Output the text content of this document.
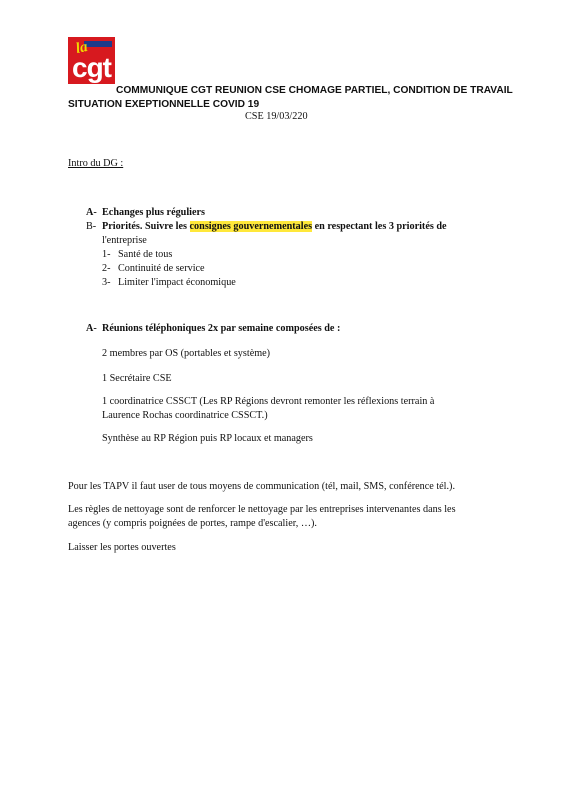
la
cgt
COMMUNIQUE CGT REUNION CSE CHOMAGE PARTIEL, CONDITION DE TRAVAIL
SITUATION EXEPTIONNELLE COVID 19
CSE 19/03/220
Intro du DG :
A- Echanges plus réguliers
B- Priorités. Suivre les consignes gouvernementales en respectant les 3 priorités de
l'entreprise
1- Santé de tous
2- Continuité de service
3- Limiter l'impact économique
A- Réunions téléphoniques 2x par semaine composées de :
2 membres par OS (portables et système)
1 Secrétaire CSE
1 coordinatrice CSSCT (Les RP Régions devront remonter les réflexions terrain à
Laurence Rochas coordinatrice CSSCT.)
Synthèse au RP Région puis RP locaux et managers
Pour les TAPV il faut user de tous moyens de communication (tél, mail, SMS, conférence tél.).
Les règles de nettoyage sont de renforcer le nettoyage par les entreprises intervenantes dans les
agences (y compris poignées de portes, rampe d'escalier, …).
Laisser les portes ouvertes
